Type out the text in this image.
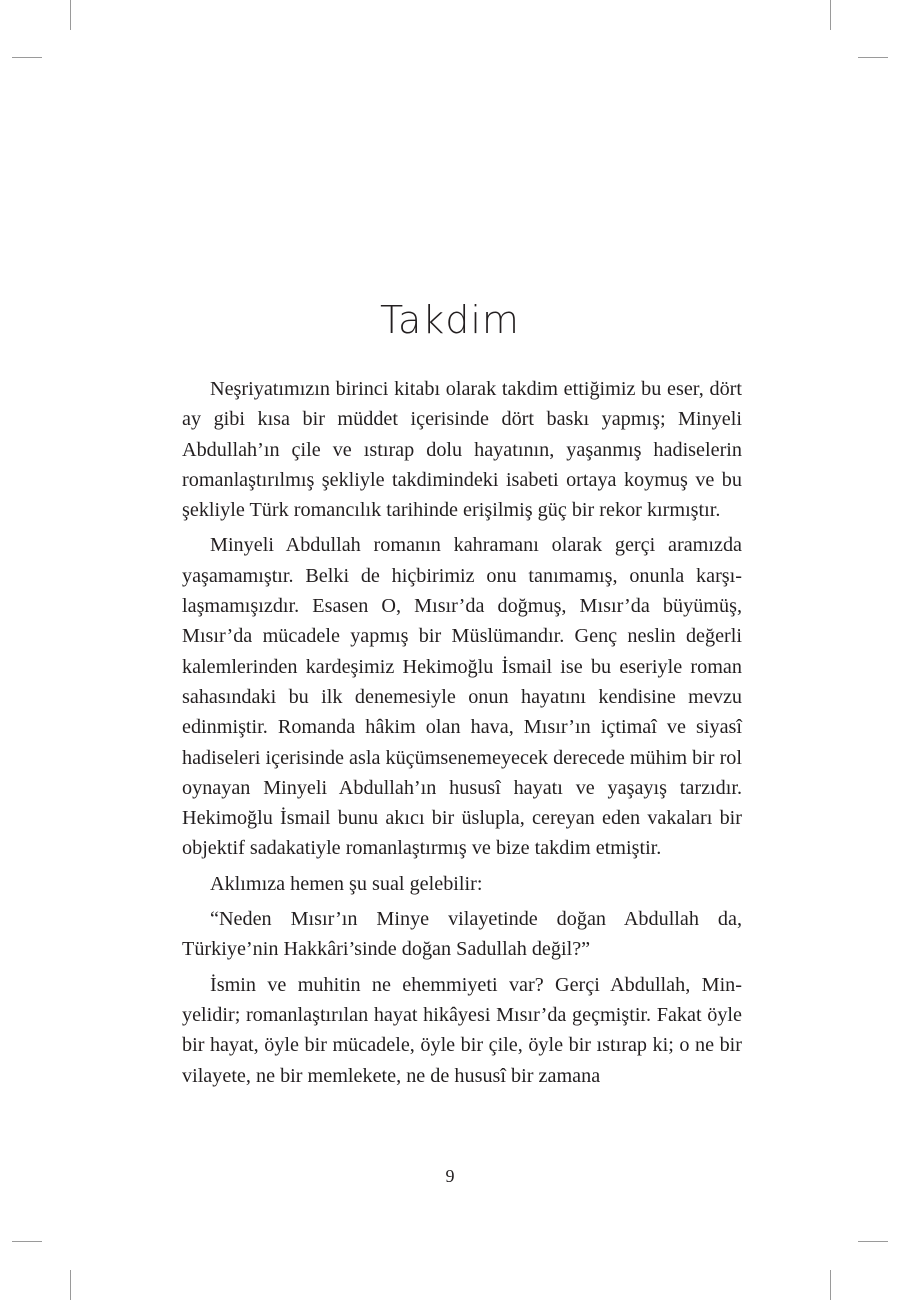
Takdim

Neşriyatımızın birinci kitabı olarak takdim ettiğimiz bu eser, dört ay gibi kısa bir müddet içerisinde dört baskı yapmış; Minyeli Abdullah’ın çile ve ıstırap dolu hayatının, yaşanmış hadiselerin romanlaştırılmış şekliyle takdimindeki isabeti ortaya koymuş ve bu şekliyle Türk romancılık tarihinde erişilmiş güç bir rekor kırmıştır.

Minyeli Abdullah romanın kahramanı olarak gerçi aramızda yaşamamıştır. Belki de hiçbirimiz onu tanımamış, onunla karşılaşmamışızdır. Esasen O, Mısır’da doğmuş, Mısır’da büyümüş, Mısır’da mücadele yapmış bir Müslümandır. Genç neslin değerli kalemlerinden kardeşimiz Hekimoğlu İsmail ise bu eseriyle roman sahasındaki bu ilk denemesiyle onun hayatını kendisine mevzu edinmiştir. Romanda hâkim olan hava, Mısır’ın içtimaî ve siyasî hadiseleri içerisinde asla küçümsenemeyecek derecede mühim bir rol oynayan Minyeli Abdullah’ın hususî hayatı ve yaşayış tarzıdır. Hekimoğlu İsmail bunu akıcı bir üslupla, cereyan eden vakaları bir objektif sadakatiyle romanlaştırmış ve bize takdim etmiştir.

Aklımıza hemen şu sual gelebilir:

“Neden Mısır’ın Minye vilayetinde doğan Abdullah da, Türkiye’nin Hakkâri’sinde doğan Sadullah değil?”

İsmin ve muhitin ne ehemmiyeti var? Gerçi Abdullah, Minyelidir; romanlaştırılan hayat hikâyesi Mısır’da geçmiştir. Fakat öyle bir hayat, öyle bir mücadele, öyle bir çile, öyle bir ıstırap ki; o ne bir vilayete, ne bir memlekete, ne de hususî bir zamana

9
